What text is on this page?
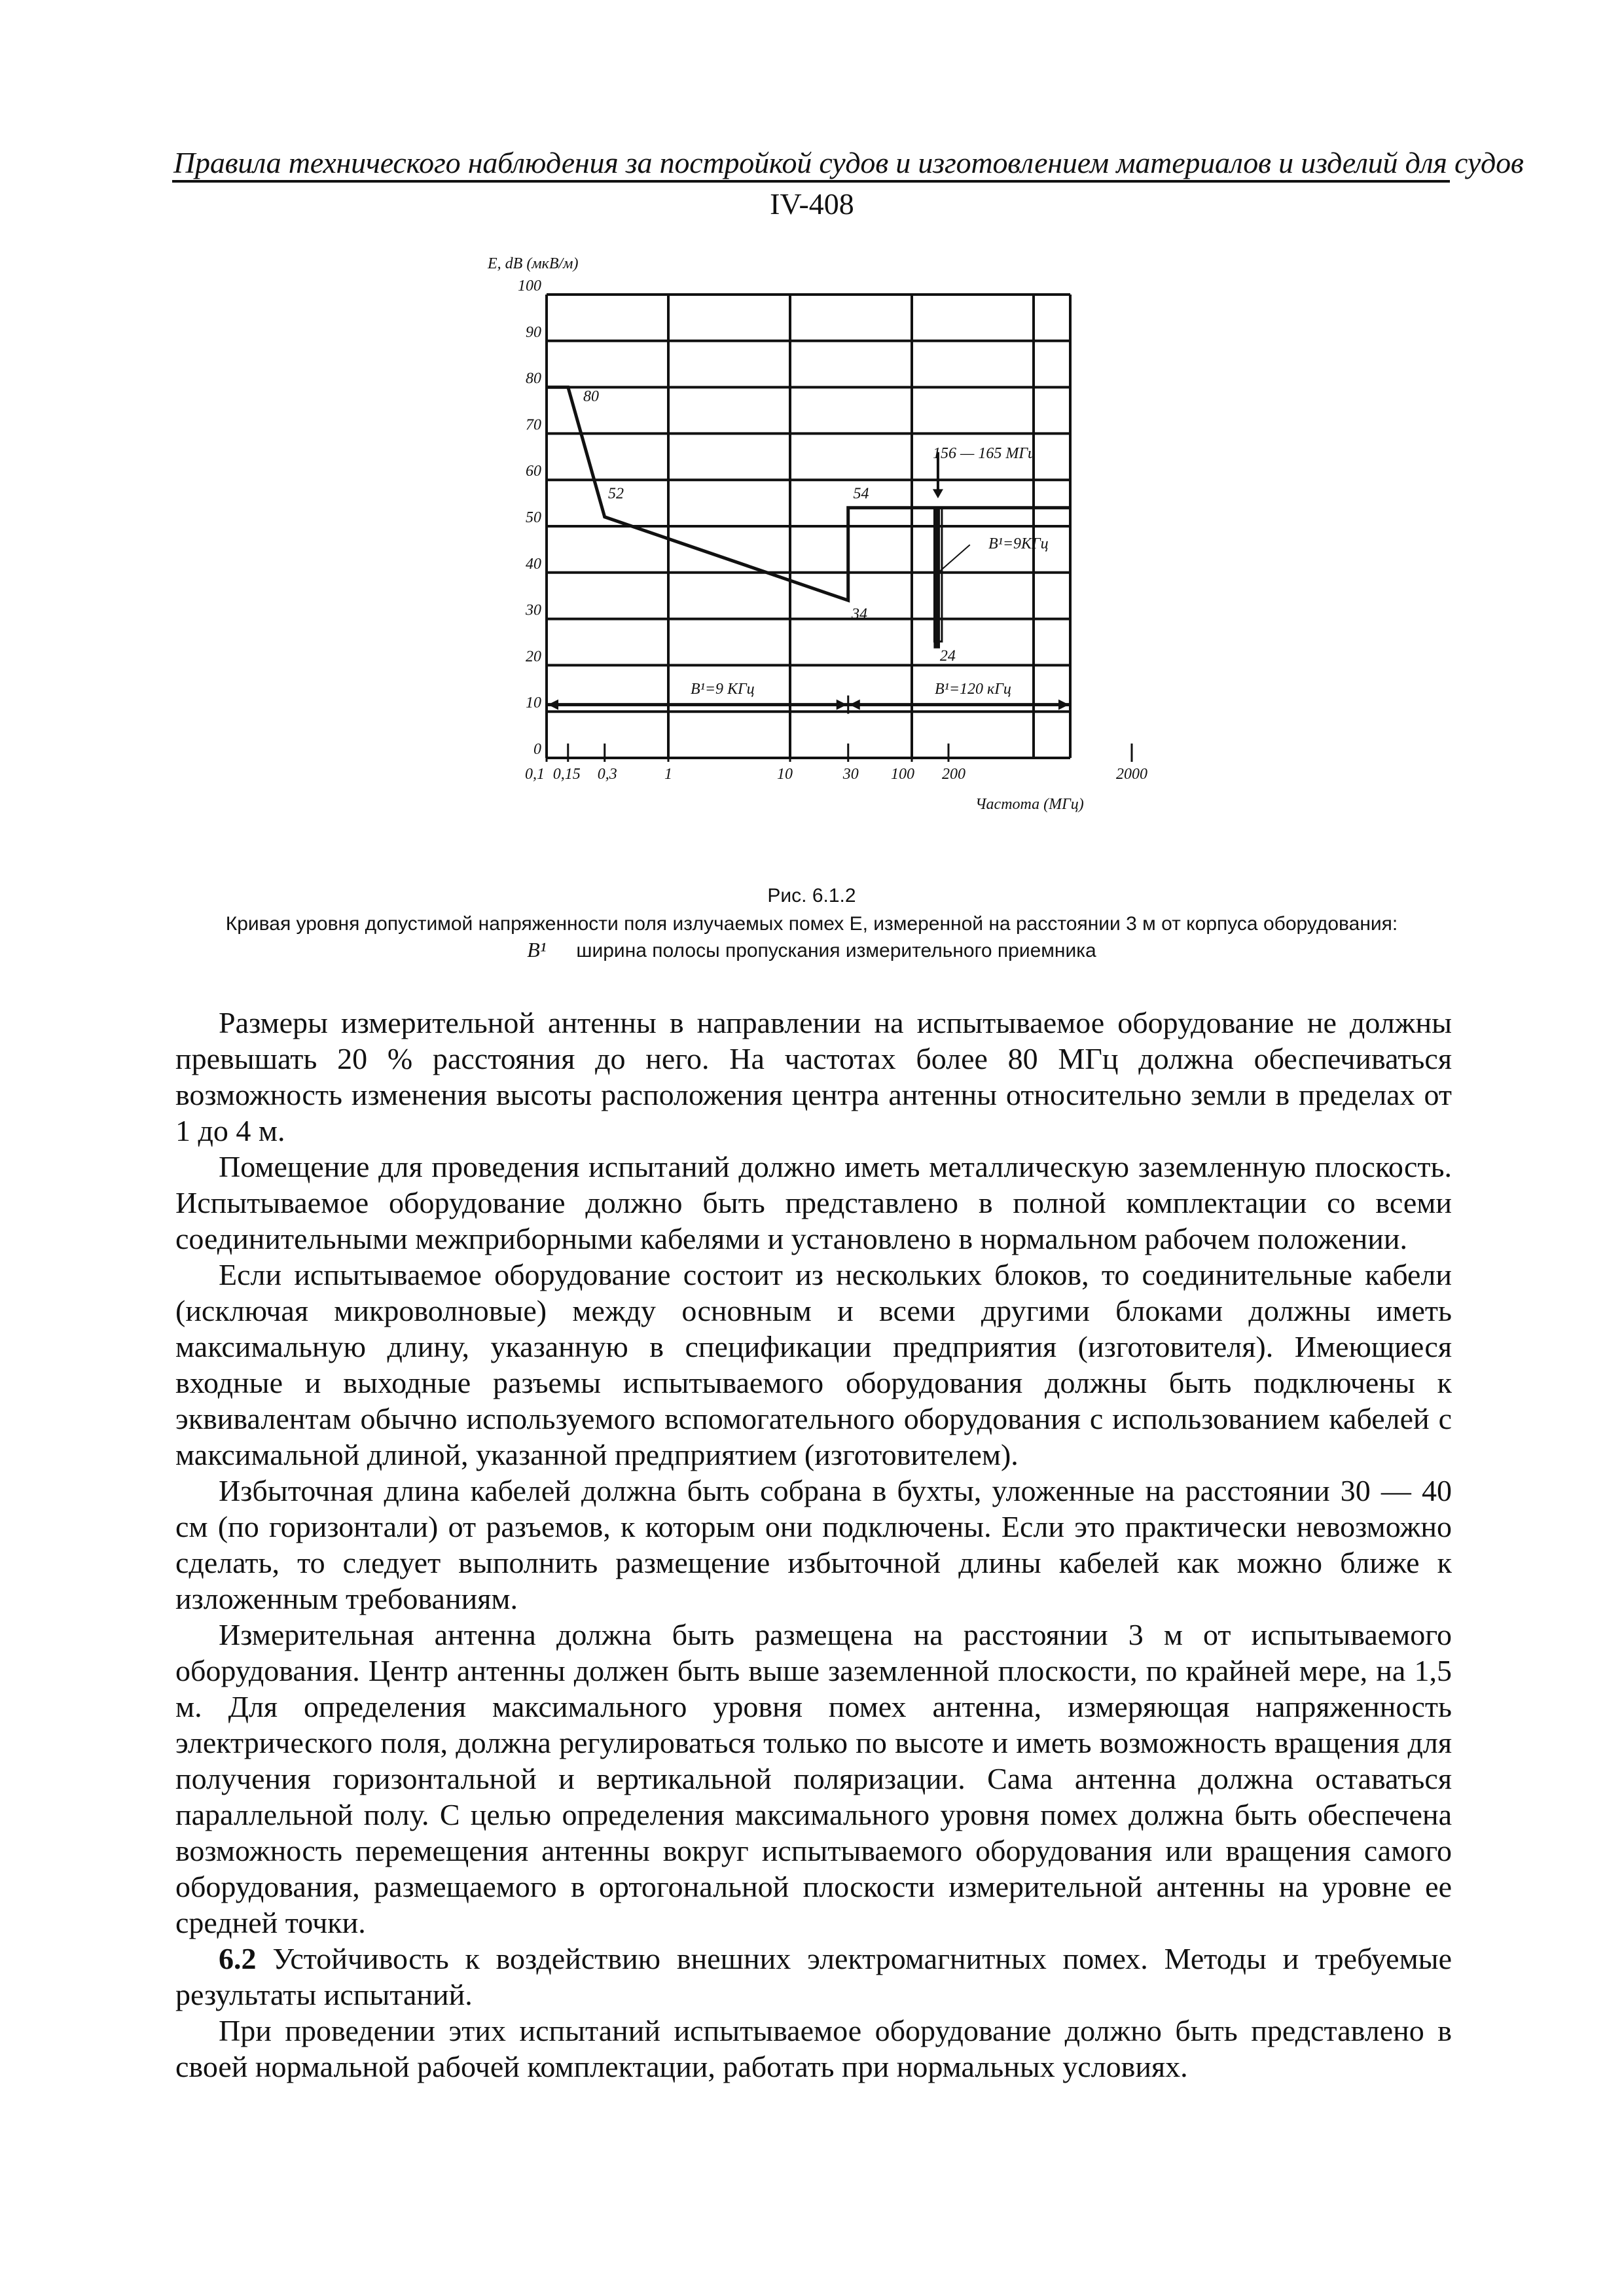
Правила технического наблюдения за постройкой судов и изготовлением материалов и изделий для судов
IV-408
E, dB (мкВ/м)
0
10
20
30
40
50
60
70
80
90
100
0,1 0,15 0,3	1	10	30 100 200	2000
80
52
34
54
24
156 — 165 МГц
B¹=9КГц
B¹=9 КГц	B¹=120 кГц
Частота (МГц)
Рис. 6.1.2
Кривая уровня допустимой напряженности поля излучаемых помех E, измеренной на расстоянии 3 м от корпуса оборудования:
B¹ ширина полосы пропускания измерительного приемника

Размеры измерительной антенны в направлении на испытываемое оборудование не должны превышать 20 % расстояния до него. На частотах более 80 МГц должна обеспечиваться возможность изменения высоты расположения центра антенны относительно земли в пределах от 1 до 4 м.

Помещение для проведения испытаний должно иметь металлическую заземленную плоскость. Испытываемое оборудование должно быть представлено в полной комплектации со всеми соединительными межприборными кабелями и установлено в нормальном рабочем положении.

Если испытываемое оборудование состоит из нескольких блоков, то соединительные кабели (исключая микроволновые) между основным и всеми другими блоками должны иметь максимальную длину, указанную в спецификации предприятия (изготовителя). Имеющиеся входные и выходные разъемы испытываемого оборудования должны быть подключены к эквивалентам обычно используемого вспомогательного оборудования с использованием кабелей с максимальной длиной, указанной предприятием (изготовителем).

Избыточная длина кабелей должна быть собрана в бухты, уложенные на расстоянии 30 — 40 см (по горизонтали) от разъемов, к которым они подключены. Если это практически невозможно сделать, то следует выполнить размещение избыточной длины кабелей как можно ближе к изложенным требованиям.

Измерительная антенна должна быть размещена на расстоянии 3 м от испытываемого оборудования. Центр антенны должен быть выше заземленной плоскости, по крайней мере, на 1,5 м. Для определения максимального уровня помех антенна, измеряющая напряженность электрического поля, должна регулироваться только по высоте и иметь возможность вращения для получения горизонтальной и вертикальной поляризации. Сама антенна должна оставаться параллельной полу. С целью определения максимального уровня помех должна быть обеспечена возможность перемещения антенны вокруг испытываемого оборудования или вращения самого оборудования, размещаемого в ортогональной плоскости измерительной антенны на уровне ее средней точки.

6.2 Устойчивость к воздействию внешних электромагнитных помех. Методы и требуемые результаты испытаний.

При проведении этих испытаний испытываемое оборудование должно быть представлено в своей нормальной рабочей комплектации, работать при нормальных условиях.
